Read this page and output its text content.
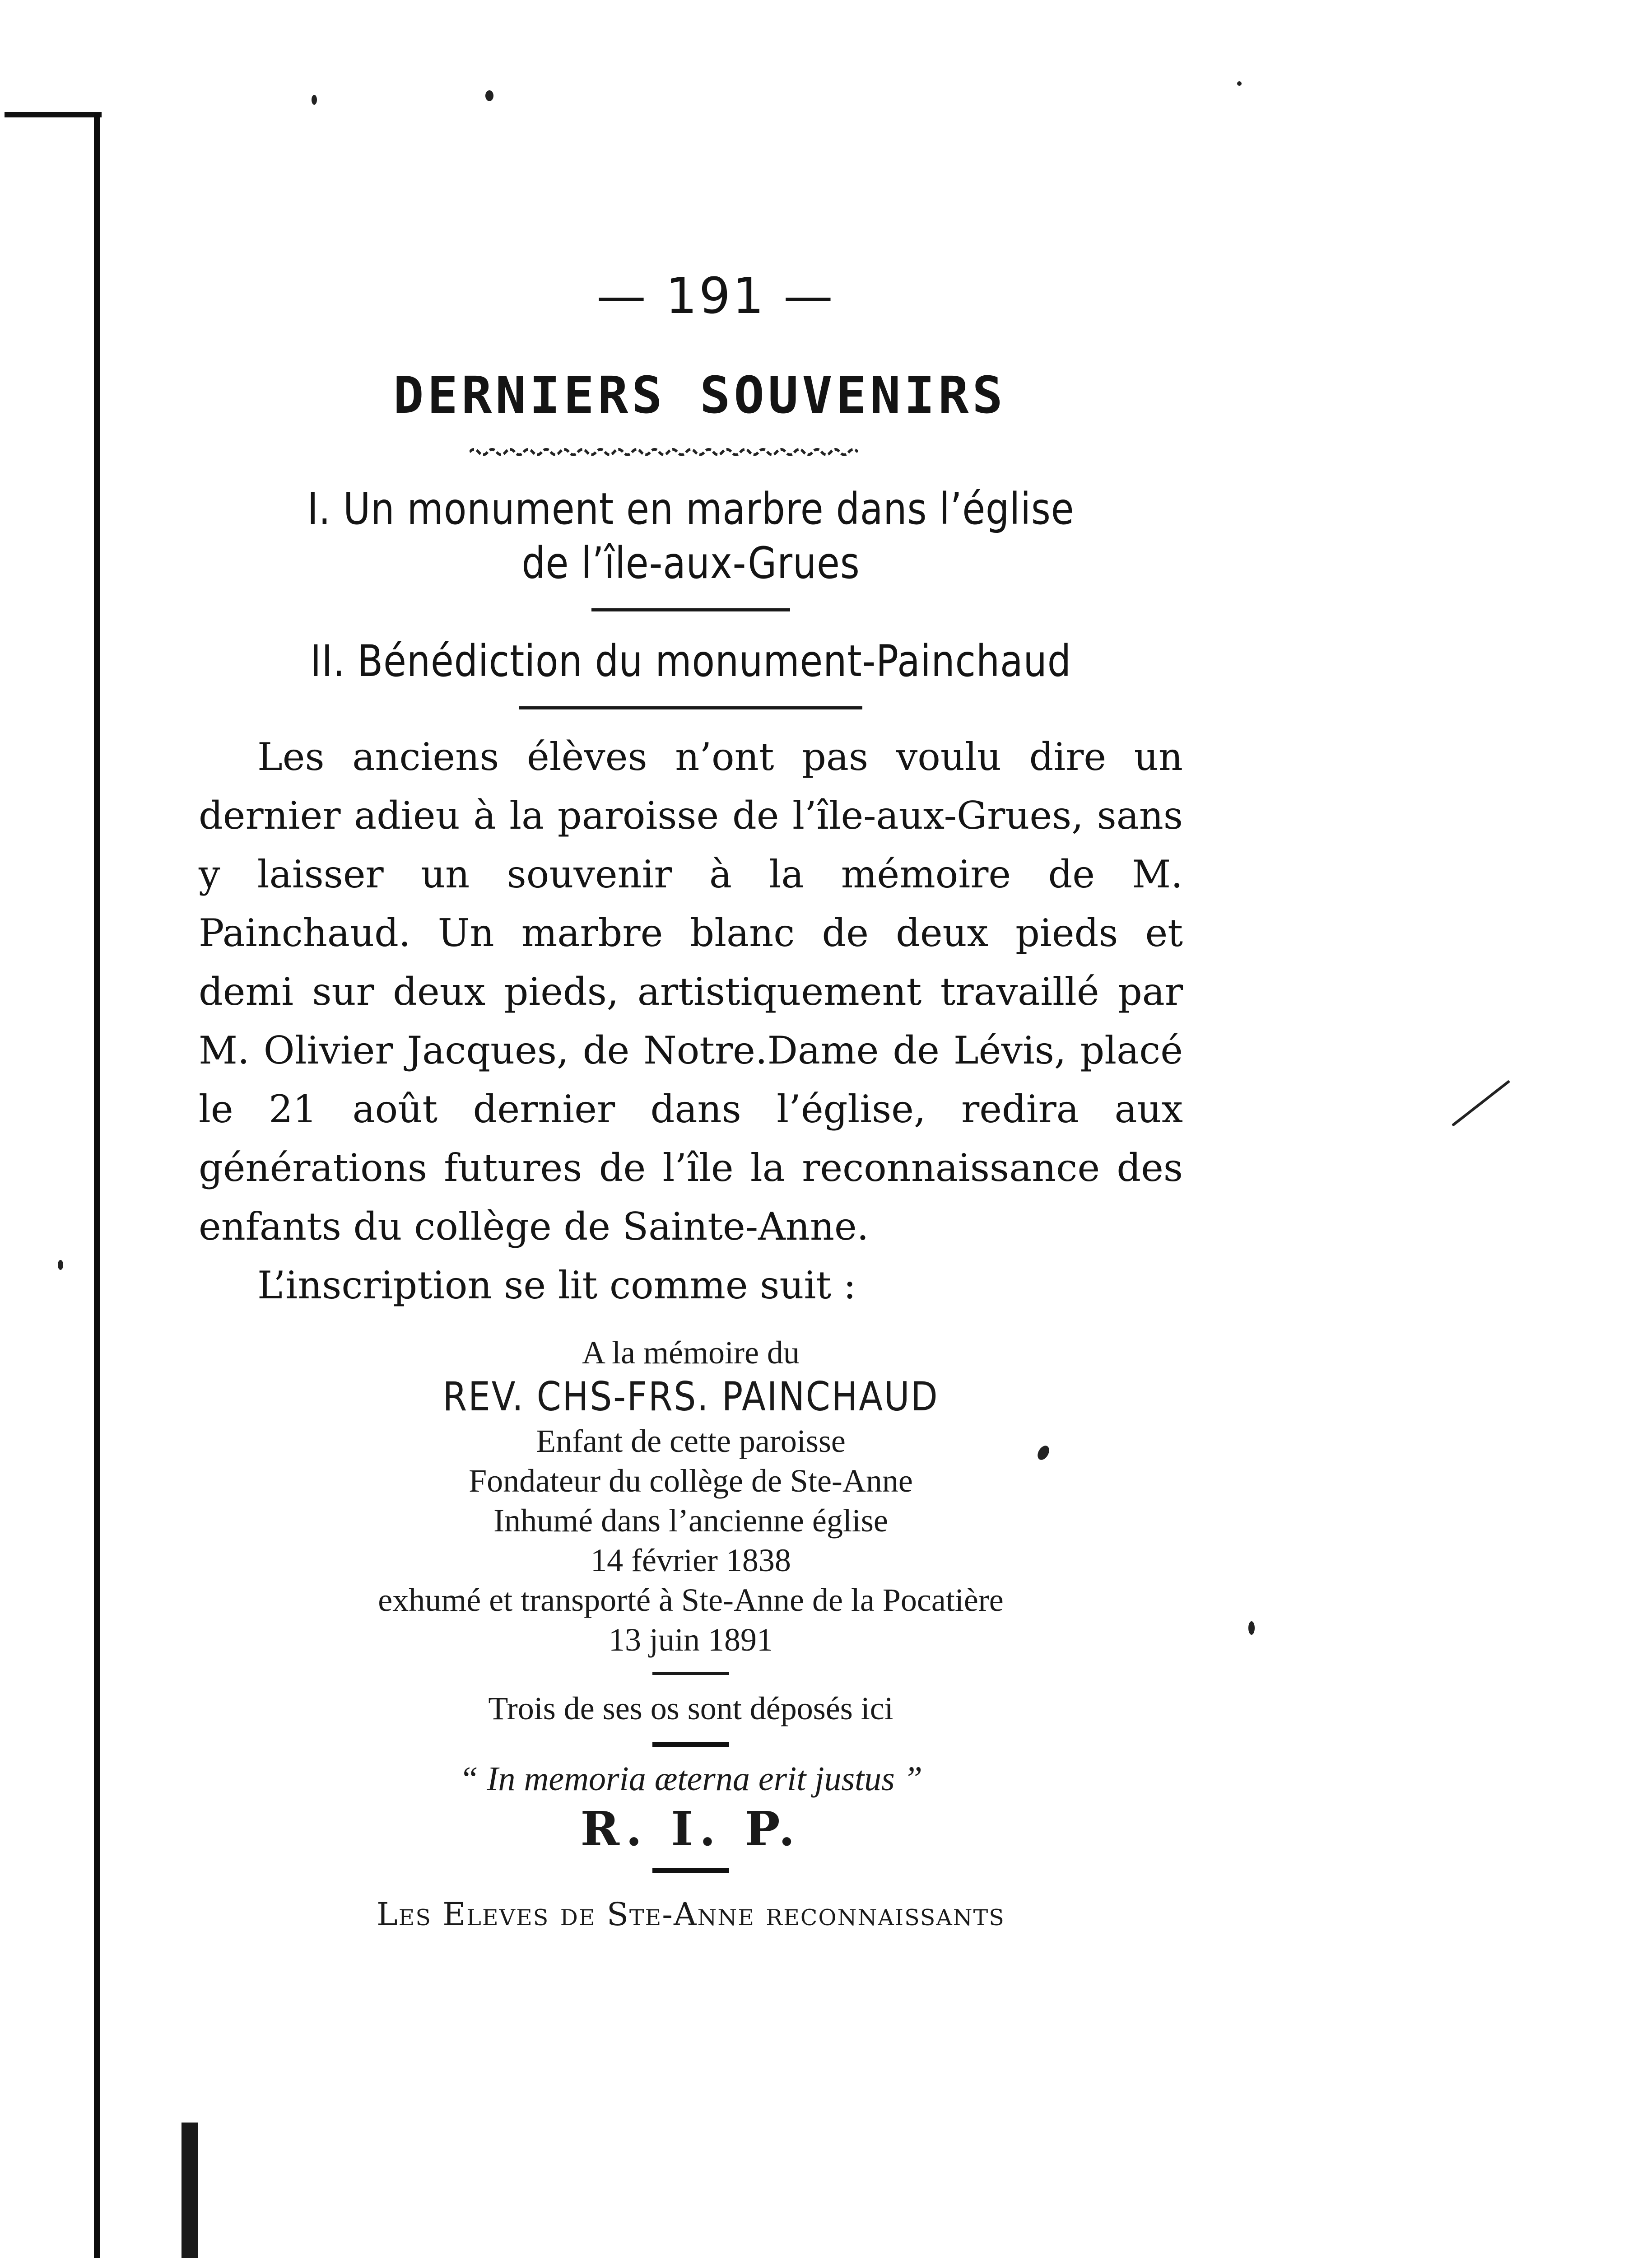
— 191 —
DERNIERS SOUVENIRS
I. Un monument en marbre dans l’église
de l’île-aux-Grues
II. Bénédiction du monument-Painchaud

Les anciens élèves n’ont pas voulu dire un dernier adieu à la paroisse de l’île-aux-Grues, sans y laisser un souvenir à la mémoire de M. Painchaud. Un marbre blanc de deux pieds et demi sur deux pieds, artistiquement travaillé par M. Olivier Jacques, de Notre.Dame de Lévis, placé le 21 août dernier dans l’église, redira aux générations futures de l’île la reconnaissance des enfants du collège de Sainte-Anne.

L’inscription se lit comme suit :

A la mémoire du
REV. CHS-FRS. PAINCHAUD
Enfant de cette paroisse
Fondateur du collège de Ste-Anne
Inhumé dans l’ancienne église
14 février 1838
exhumé et transporté à Ste-Anne de la Pocatière
13 juin 1891
Trois de ses os sont déposés ici
“ In memoria æterna erit justus ”
R. I. P.
Les Eleves de Ste-Anne reconnaissants
